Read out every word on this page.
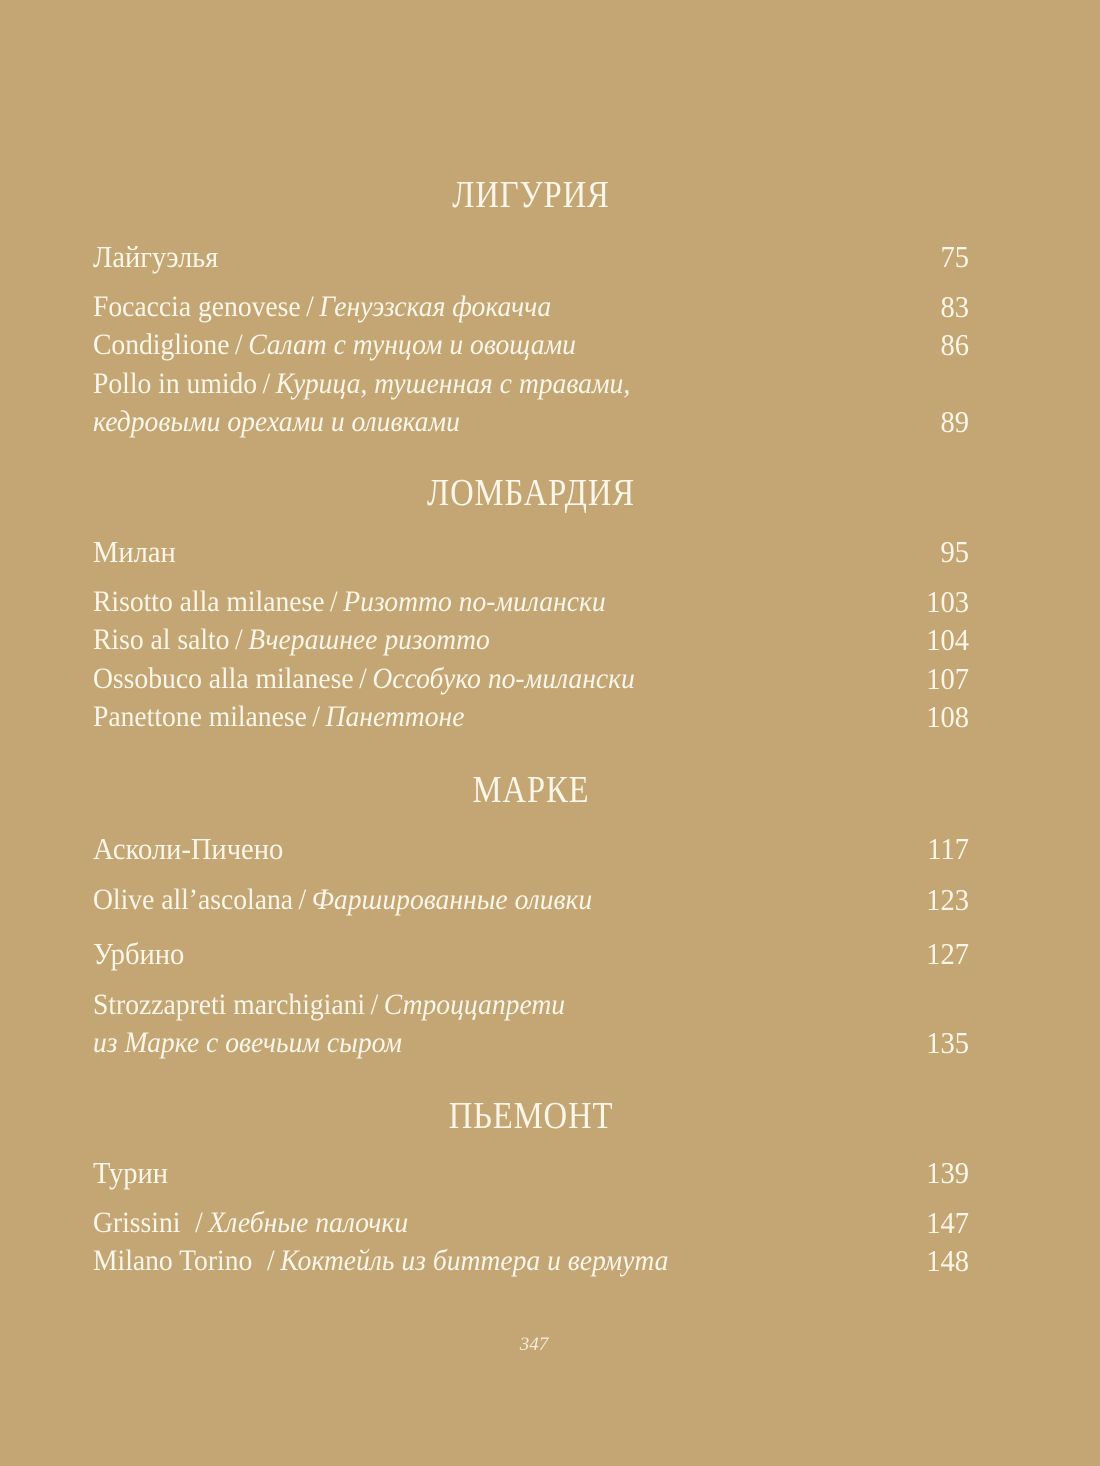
ЛИГУРИЯ
Лайгуэлья	75
Focaccia genovese / Генуэзская фокачча	83
Condiglione / Салат с тунцом и овощами	86
Pollo in umido / Курица, тушенная с травами,
кедровыми орехами и оливками	89
ЛОМБАРДИЯ
Милан	95
Risotto alla milanese / Ризотто по-милански	103
Riso al salto / Вчерашнее ризотто	104
Ossobuco alla milanese / Оссобуко по-милански	107
Panettone milanese / Панеттоне	108
МАРКЕ
Асколи-Пичено	117
Olive all’ascolana / Фаршированные оливки	123
Урбино	127
Strozzapreti marchigiani / Строццапрети
из Марке с овечьим сыром	135
ПЬЕМОНТ
Турин	139
Grissini / Хлебные палочки	147
Milano Torino / Коктейль из биттера и вермута	148
347
